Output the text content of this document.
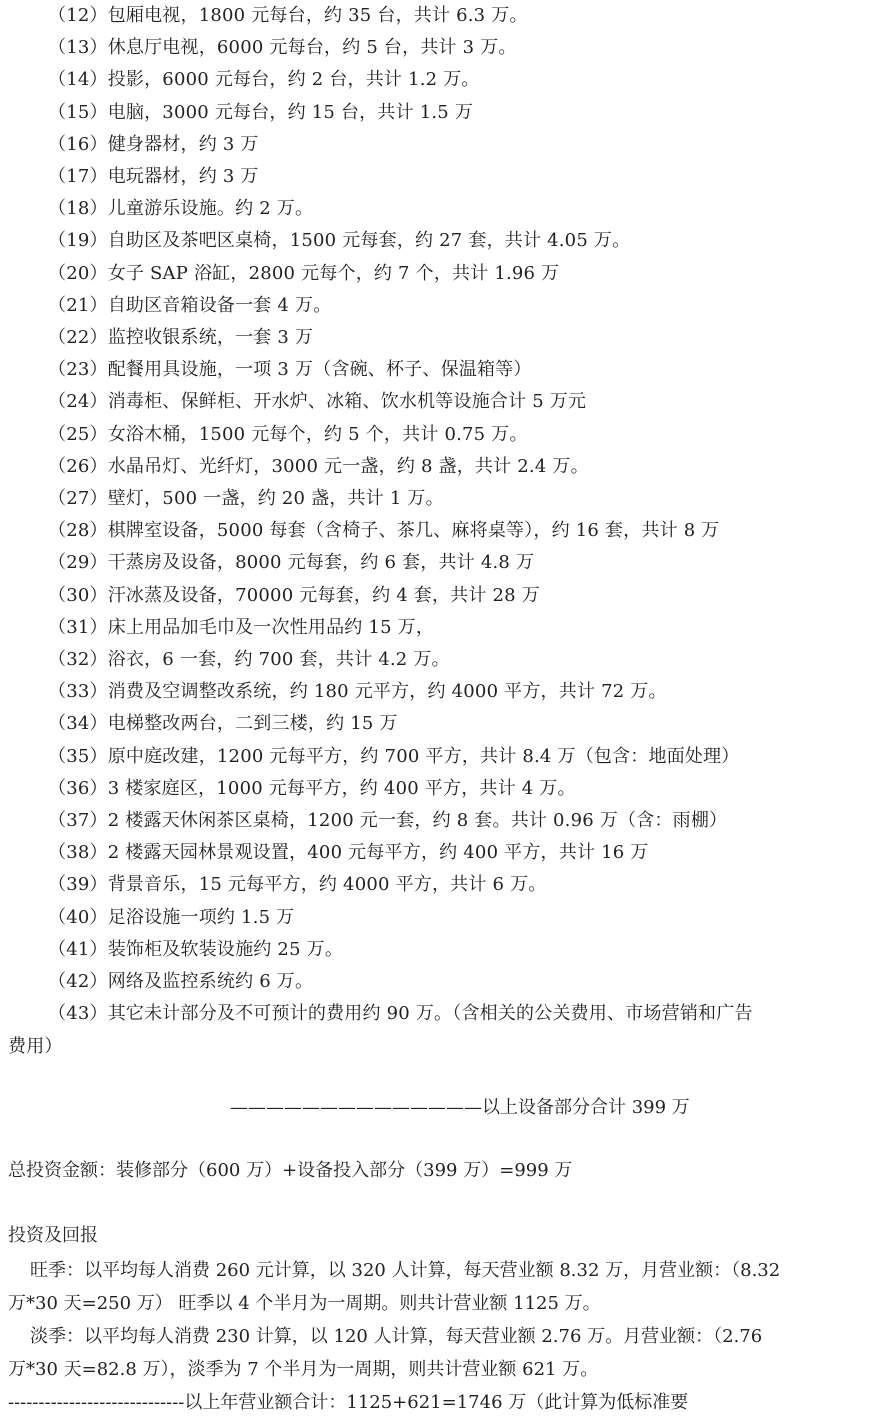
（12）包厢电视，1800 元每台，约 35 台，共计 6.3 万。
（13）休息厅电视，6000 元每台，约 5 台，共计 3 万。
（14）投影，6000 元每台，约 2 台，共计 1.2 万。
（15）电脑，3000 元每台，约 15 台，共计 1.5 万
（16）健身器材，约 3 万
（17）电玩器材，约 3 万
（18）儿童游乐设施。约 2 万。
（19）自助区及茶吧区桌椅，1500 元每套，约 27 套，共计 4.05 万。
（20）女子 SAP 浴缸，2800 元每个，约 7 个，共计 1.96 万
（21）自助区音箱设备一套 4 万。
（22）监控收银系统，一套 3 万
（23）配餐用具设施，一项 3 万（含碗、杯子、保温箱等）
（24）消毒柜、保鲜柜、开水炉、冰箱、饮水机等设施合计 5 万元
（25）女浴木桶，1500 元每个，约 5 个，共计 0.75 万。
（26）水晶吊灯、光纤灯，3000 元一盏，约 8 盏，共计 2.4 万。
（27）壁灯，500 一盏，约 20 盏，共计 1 万。
（28）棋牌室设备，5000 每套（含椅子、茶几、麻将桌等），约 16 套，共计 8 万
（29）干蒸房及设备，8000 元每套，约 6 套，共计 4.8 万
（30）汗冰蒸及设备，70000 元每套，约 4 套，共计 28 万
（31）床上用品加毛巾及一次性用品约 15 万，
（32）浴衣，6 一套，约 700 套，共计 4.2 万。
（33）消费及空调整改系统，约 180 元平方，约 4000 平方，共计 72 万。
（34）电梯整改两台，二到三楼，约 15 万
（35）原中庭改建，1200 元每平方，约 700 平方，共计 8.4 万（包含：地面处理）
（36）3 楼家庭区，1000 元每平方，约 400 平方，共计 4 万。
（37）2 楼露天休闲茶区桌椅，1200 元一套，约 8 套。共计 0.96 万（含：雨棚）
（38）2 楼露天园林景观设置，400 元每平方，约 400 平方，共计 16 万
（39）背景音乐，15 元每平方，约 4000 平方，共计 6 万。
（40）足浴设施一项约 1.5 万
（41）装饰柜及软装设施约 25 万。
（42）网络及监控系统约 6 万。
（43）其它未计部分及不可预计的费用约 90 万。（含相关的公关费用、市场营销和广告
费用）
——————————————以上设备部分合计 399 万
总投资金额：装修部分（600 万）+设备投入部分（399 万）=999 万
投资及回报
旺季：以平均每人消费 260 元计算，以 320 人计算，每天营业额 8.32 万，月营业额：（8.32
万*30 天=250 万） 旺季以 4 个半月为一周期。则共计营业额 1125 万。
淡季：以平均每人消费 230 计算，以 120 人计算，每天营业额 2.76 万。月营业额：（2.76
万*30 天=82.8 万），淡季为 7 个半月为一周期，则共计营业额 621 万。
-----------------------------以上年营业额合计：1125+621=1746 万（此计算为低标准要
